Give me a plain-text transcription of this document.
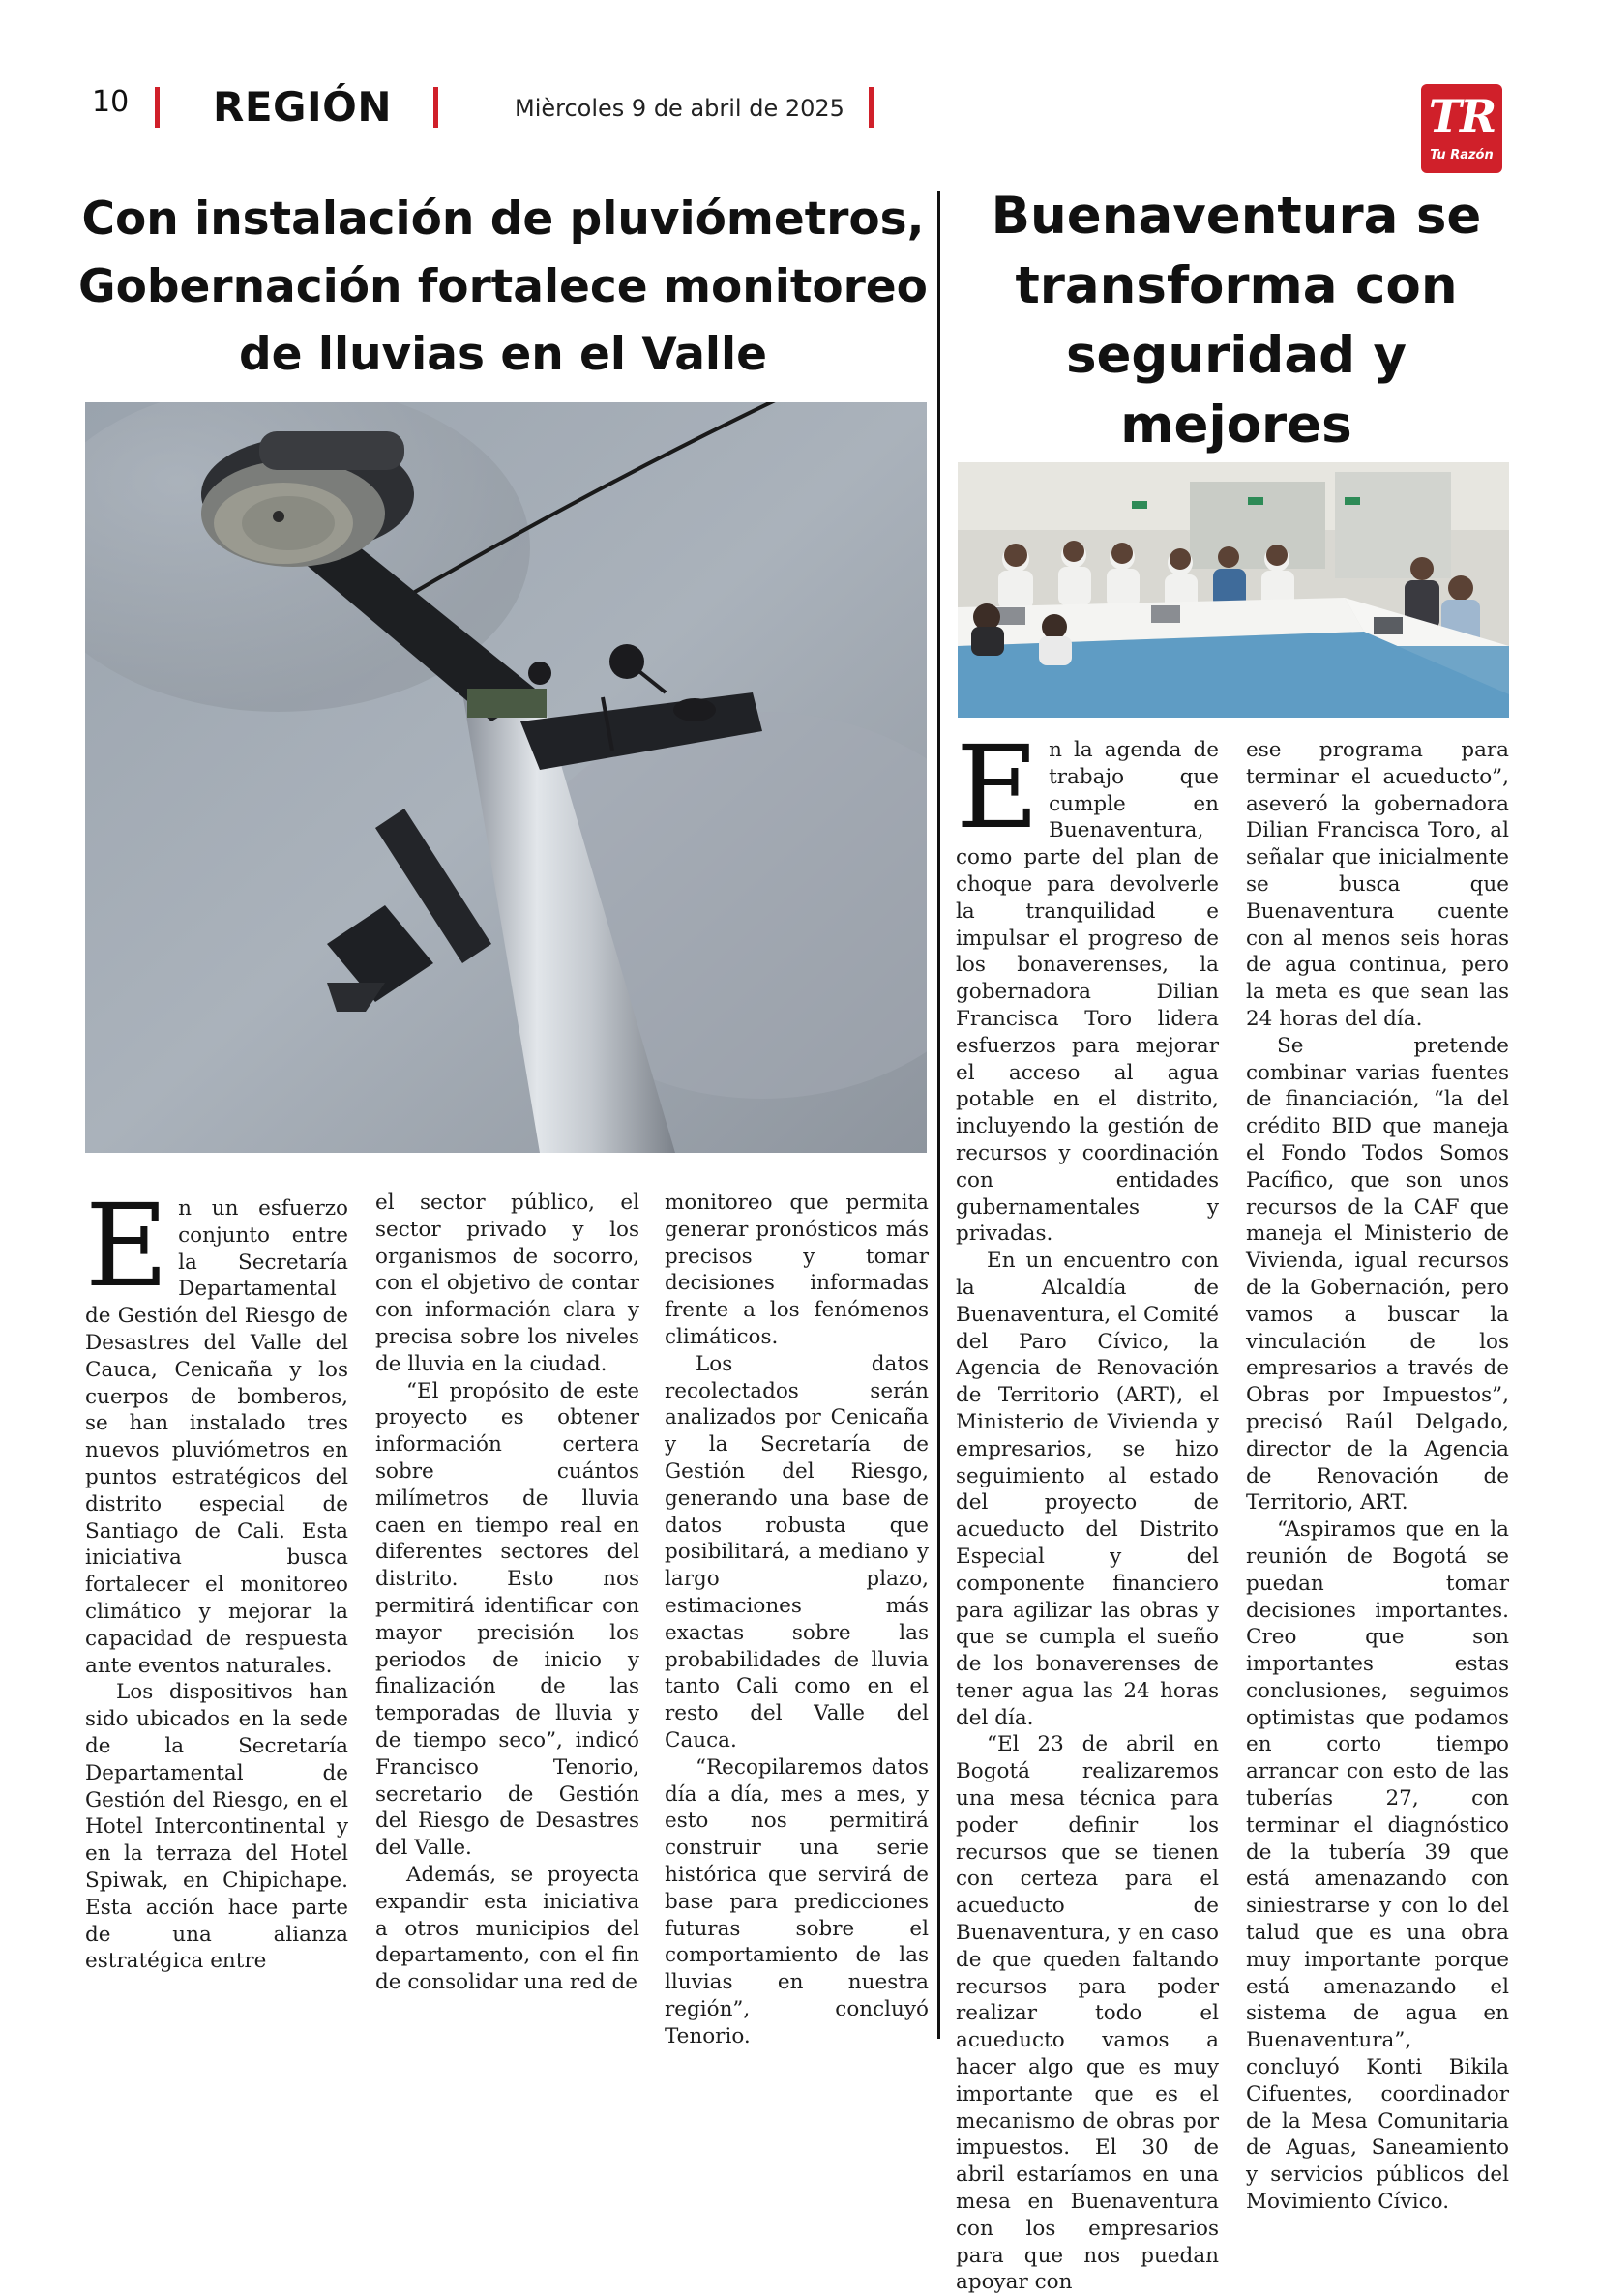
10 REGIÓN	Mièrcoles 9 de abril de 2025	TR
Tu Razón
Con instalación de pluviómetros, Gobernación fortalece monitoreo de lluvias en el Valle
Buenaventura se transforma con seguridad y mejores

En un esfuerzo conjunto entre la Secretaría Departamental de Gestión del Riesgo de Desastres del Valle del Cauca, Cenicaña y los cuerpos de bomberos, se han instalado tres nuevos pluviómetros en puntos estratégicos del distrito especial de Santiago de Cali. Esta iniciativa busca fortalecer el monitoreo climático y mejorar la capacidad de respuesta ante eventos naturales.

Los dispositivos han sido ubicados en la sede de la Secretaría Departamental de Gestión del Riesgo, en el Hotel Intercontinental y en la terraza del Hotel Spiwak, en Chipichape. Esta acción hace parte de una alianza estratégica entre

el sector público, el sector privado y los organismos de socorro, con el objetivo de contar con información clara y precisa sobre los niveles de lluvia en la ciudad.

“El propósito de este proyecto es obtener información certera sobre cuántos milímetros de lluvia caen en tiempo real en diferentes sectores del distrito. Esto nos permitirá identificar con mayor precisión los periodos de inicio y finalización de las temporadas de lluvia y de tiempo seco”, indicó Francisco Tenorio, secretario de Gestión del Riesgo de Desastres del Valle.

Además, se proyecta expandir esta iniciativa a otros municipios del departamento, con el fin de consolidar una red de

monitoreo que permita generar pronósticos más precisos y tomar decisiones informadas frente a los fenómenos climáticos.

Los datos recolectados serán analizados por Cenicaña y la Secretaría de Gestión del Riesgo, generando una base de datos robusta que posibilitará, a mediano y largo plazo, estimaciones más exactas sobre las probabilidades de lluvia tanto Cali como en el resto del Valle del Cauca.

“Recopilaremos datos día a día, mes a mes, y esto nos permitirá construir una serie histórica que servirá de base para predicciones futuras sobre el comportamiento de las lluvias en nuestra región”, concluyó Tenorio.

En la agenda de trabajo que cumple en Buenaventura, como parte del plan de choque para devolverle la tranquilidad e impulsar el progreso de los bonaverenses, la gobernadora Dilian Francisca Toro lidera esfuerzos para mejorar el acceso al agua potable en el distrito, incluyendo la gestión de recursos y coordinación con entidades gubernamentales y privadas.

En un encuentro con la Alcaldía de Buenaventura, el Comité del Paro Cívico, la Agencia de Renovación de Territorio (ART), el Ministerio de Vivienda y empresarios, se hizo seguimiento al estado del proyecto de acueducto del Distrito Especial y del componente financiero para agilizar las obras y que se cumpla el sueño de los bonaverenses de tener agua las 24 horas del día.

“El 23 de abril en Bogotá realizaremos una mesa técnica para poder definir los recursos que se tienen con certeza para el acueducto de Buenaventura, y en caso de que queden faltando recursos para poder realizar todo el acueducto vamos a hacer algo que es muy importante que es el mecanismo de obras por impuestos. El 30 de abril estaríamos en una mesa en Buenaventura con los empresarios para que nos puedan apoyar con

ese programa para terminar el acueducto”, aseveró la gobernadora Dilian Francisca Toro, al señalar que inicialmente se busca que Buenaventura cuente con al menos seis horas de agua continua, pero la meta es que sean las 24 horas del día.

Se pretende combinar varias fuentes de financiación, “la del crédito BID que maneja el Fondo Todos Somos Pacífico, que son unos recursos de la CAF que maneja el Ministerio de Vivienda, igual recursos de la Gobernación, pero vamos a buscar la vinculación de los empresarios a través de Obras por Impuestos”, precisó Raúl Delgado, director de la Agencia de Renovación de Territorio, ART.

“Aspiramos que en la reunión de Bogotá se puedan tomar decisiones importantes. Creo que son importantes estas conclusiones, seguimos optimistas que podamos en corto tiempo arrancar con esto de las tuberías 27, con terminar el diagnóstico de la tubería 39 que está amenazando con siniestrarse y con lo del talud que es una obra muy importante porque está amenazando el sistema de agua en Buenaventura”, concluyó Konti Bikila Cifuentes, coordinador de la Mesa Comunitaria de Aguas, Saneamiento y servicios públicos del Movimiento Cívico.
